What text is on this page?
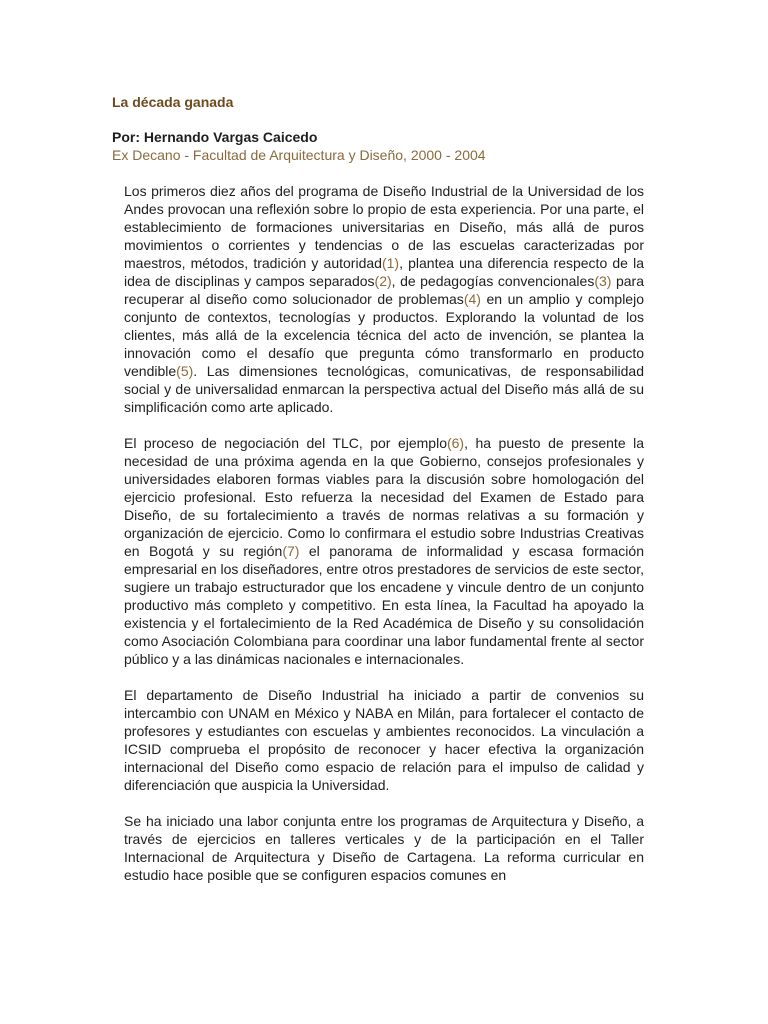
La década ganada
Por: Hernando Vargas Caicedo
Ex Decano - Facultad de Arquitectura y Diseño, 2000 - 2004

Los primeros diez años del programa de Diseño Industrial de la Universidad de los Andes provocan una reflexión sobre lo propio de esta experiencia. Por una parte, el establecimiento de formaciones universitarias en Diseño, más allá de puros movimientos o corrientes y tendencias o de las escuelas caracterizadas por maestros, métodos, tradición y autoridad(1), plantea una diferencia respecto de la idea de disciplinas y campos separados(2), de pedagogías convencionales(3) para recuperar al diseño como solucionador de problemas(4) en un amplio y complejo conjunto de contextos, tecnologías y productos. Explorando la voluntad de los clientes, más allá de la excelencia técnica del acto de invención, se plantea la innovación como el desafío que pregunta cómo transformarlo en producto vendible(5). Las dimensiones tecnológicas, comunicativas, de responsabilidad social y de universalidad enmarcan la perspectiva actual del Diseño más allá de su simplificación como arte aplicado.

El proceso de negociación del TLC, por ejemplo(6), ha puesto de presente la necesidad de una próxima agenda en la que Gobierno, consejos profesionales y universidades elaboren formas viables para la discusión sobre homologación del ejercicio profesional. Esto refuerza la necesidad del Examen de Estado para Diseño, de su fortalecimiento a través de normas relativas a su formación y organización de ejercicio. Como lo confirmara el estudio sobre Industrias Creativas en Bogotá y su región(7) el panorama de informalidad y escasa formación empresarial en los diseñadores, entre otros prestadores de servicios de este sector, sugiere un trabajo estructurador que los encadene y vincule dentro de un conjunto productivo más completo y competitivo. En esta línea, la Facultad ha apoyado la existencia y el fortalecimiento de la Red Académica de Diseño y su consolidación como Asociación Colombiana para coordinar una labor fundamental frente al sector público y a las dinámicas nacionales e internacionales.

El departamento de Diseño Industrial ha iniciado a partir de convenios su intercambio con UNAM en México y NABA en Milán, para fortalecer el contacto de profesores y estudiantes con escuelas y ambientes reconocidos. La vinculación a ICSID comprueba el propósito de reconocer y hacer efectiva la organización internacional del Diseño como espacio de relación para el impulso de calidad y diferenciación que auspicia la Universidad.

Se ha iniciado una labor conjunta entre los programas de Arquitectura y Diseño, a través de ejercicios en talleres verticales y de la participación en el Taller Internacional de Arquitectura y Diseño de Cartagena. La reforma curricular en estudio hace posible que se configuren espacios comunes en
